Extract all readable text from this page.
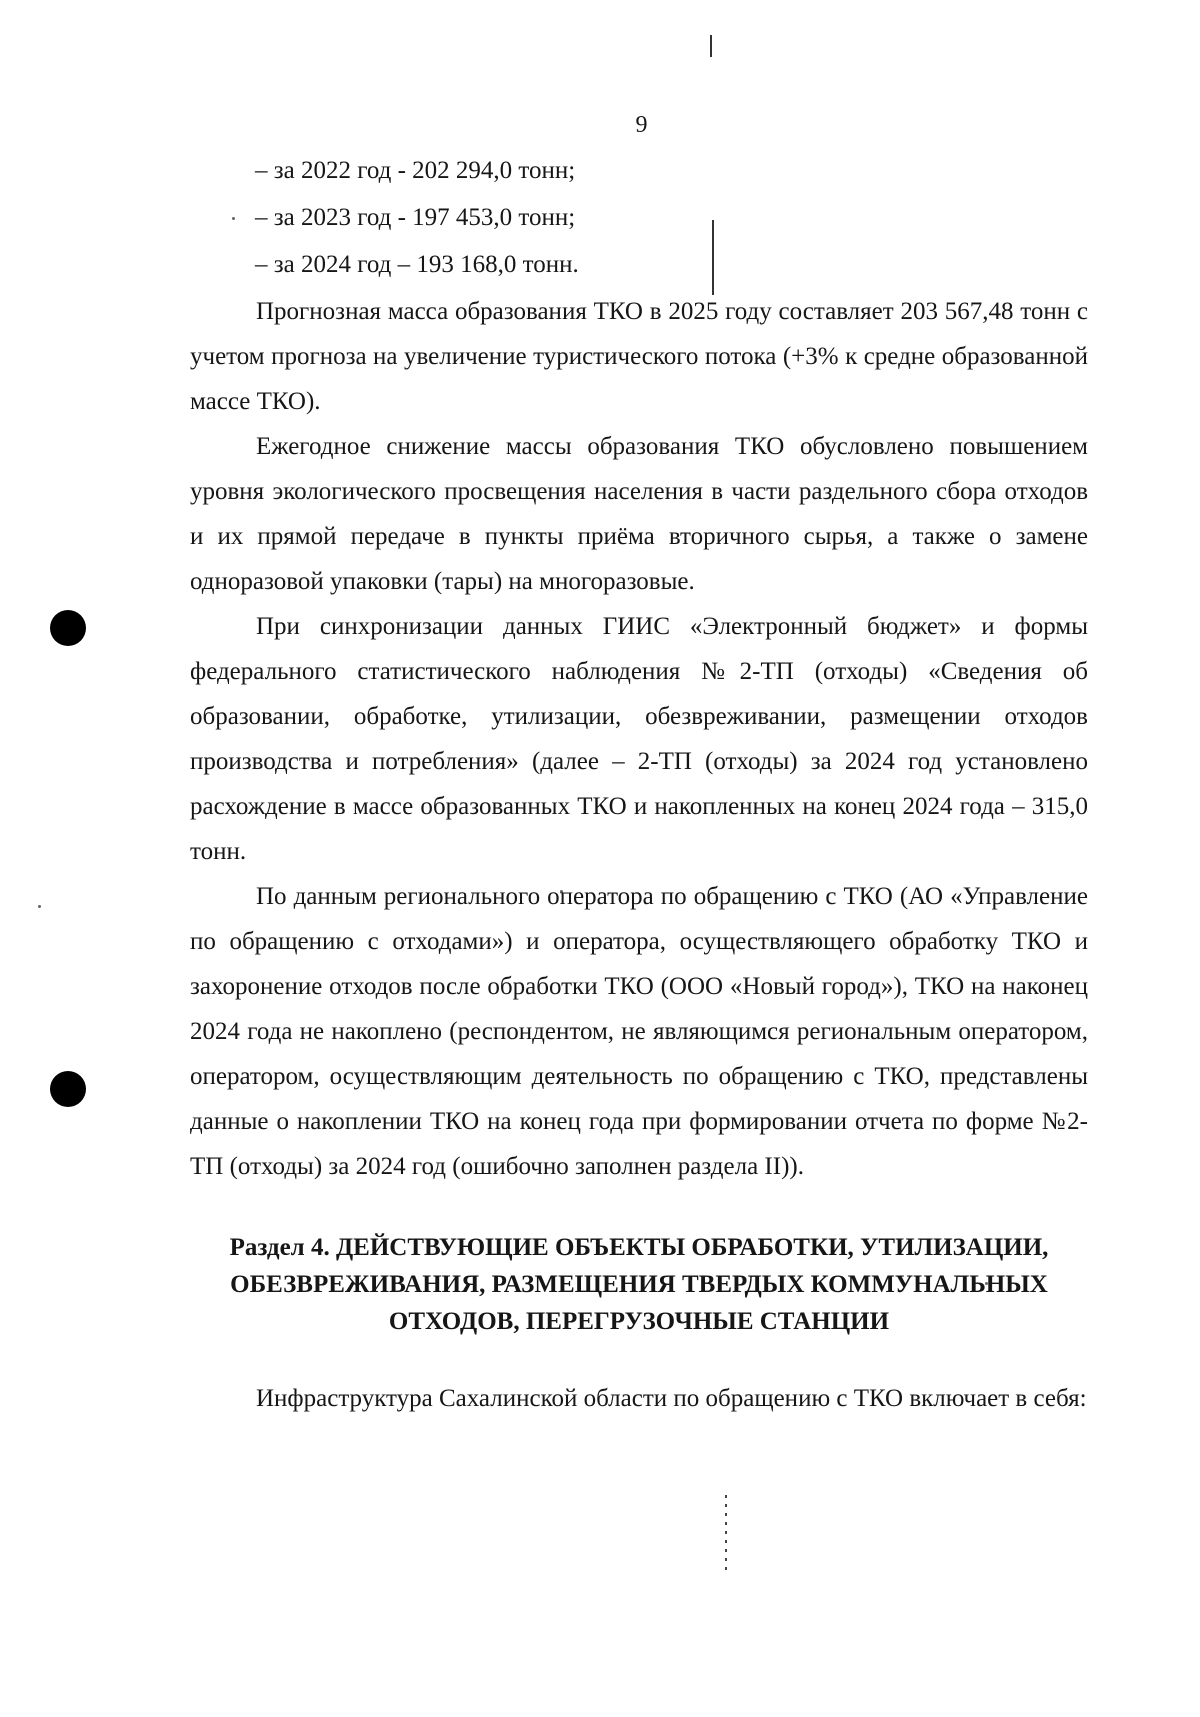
9

– за 2022 год - 202 294,0 тонн;

– за 2023 год - 197 453,0 тонн;

– за 2024 год – 193 168,0 тонн.

Прогнозная масса образования ТКО в 2025 году составляет 203 567,48 тонн с учетом прогноза на увеличение туристического потока (+3% к средне образованной массе ТКО).

Ежегодное снижение массы образования ТКО обусловлено повышением уровня экологического просвещения населения в части раздельного сбора отходов и их прямой передаче в пункты приёма вторичного сырья, а также о замене одноразовой упаковки (тары) на многоразовые.

При синхронизации данных ГИИС «Электронный бюджет» и формы федерального статистического наблюдения №2-ТП (отходы) «Сведения об образовании, обработке, утилизации, обезвреживании, размещении отходов производства и потребления» (далее – 2-ТП (отходы) за 2024 год установлено расхождение в массе образованных ТКО и накопленных на конец 2024 года – 315,0 тонн.

По данным регионального оператора по обращению с ТКО (АО «Управление по обращению с отходами») и оператора, осуществляющего обработку ТКО и захоронение отходов после обработки ТКО (ООО «Новый город»), ТКО на наконец 2024 года не накоплено (респондентом, не являющимся региональным оператором, оператором, осуществляющим деятельность по обращению с ТКО, представлены данные о накоплении ТКО на конец года при формировании отчета по форме №2-ТП (отходы) за 2024 год (ошибочно заполнен раздела II)).

Раздел 4. ДЕЙСТВУЮЩИЕ ОБЪЕКТЫ ОБРАБОТКИ, УТИЛИЗАЦИИ,
ОБЕЗВРЕЖИВАНИЯ, РАЗМЕЩЕНИЯ ТВЕРДЫХ КОММУНАЛЬНЫХ
ОТХОДОВ, ПЕРЕГРУЗОЧНЫЕ СТАНЦИИ

Инфраструктура Сахалинской области по обращению с ТКО включает в себя:
